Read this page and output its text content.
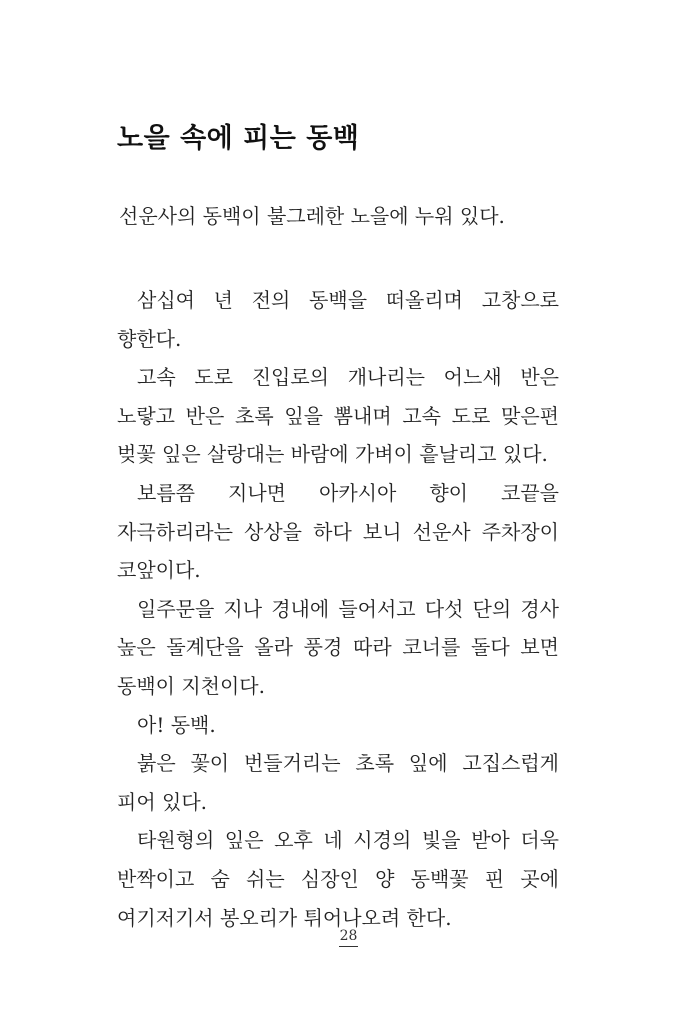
노을 속에 피는 동백

선운사의 동백이 불그레한 노을에 누워 있다.

삼십여 년 전의 동백을 떠올리며 고창으로 향한다.

고속 도로 진입로의 개나리는 어느새 반은 노랗고 반은 초록 잎을 뽐내며 고속 도로 맞은편 벚꽃 잎은 살랑대는 바람에 가벼이 흩날리고 있다.

보름쯤 지나면 아카시아 향이 코끝을 자극하리라는 상상을 하다 보니 선운사 주차장이 코앞이다.

일주문을 지나 경내에 들어서고 다섯 단의 경사 높은 돌계단을 올라 풍경 따라 코너를 돌다 보면 동백이 지천이다.

아! 동백.

붉은 꽃이 번들거리는 초록 잎에 고집스럽게 피어 있다.

타원형의 잎은 오후 네 시경의 빛을 받아 더욱 반짝이고 숨 쉬는 심장인 양 동백꽃 핀 곳에 여기저기서 봉오리가 튀어나오려 한다.

28
